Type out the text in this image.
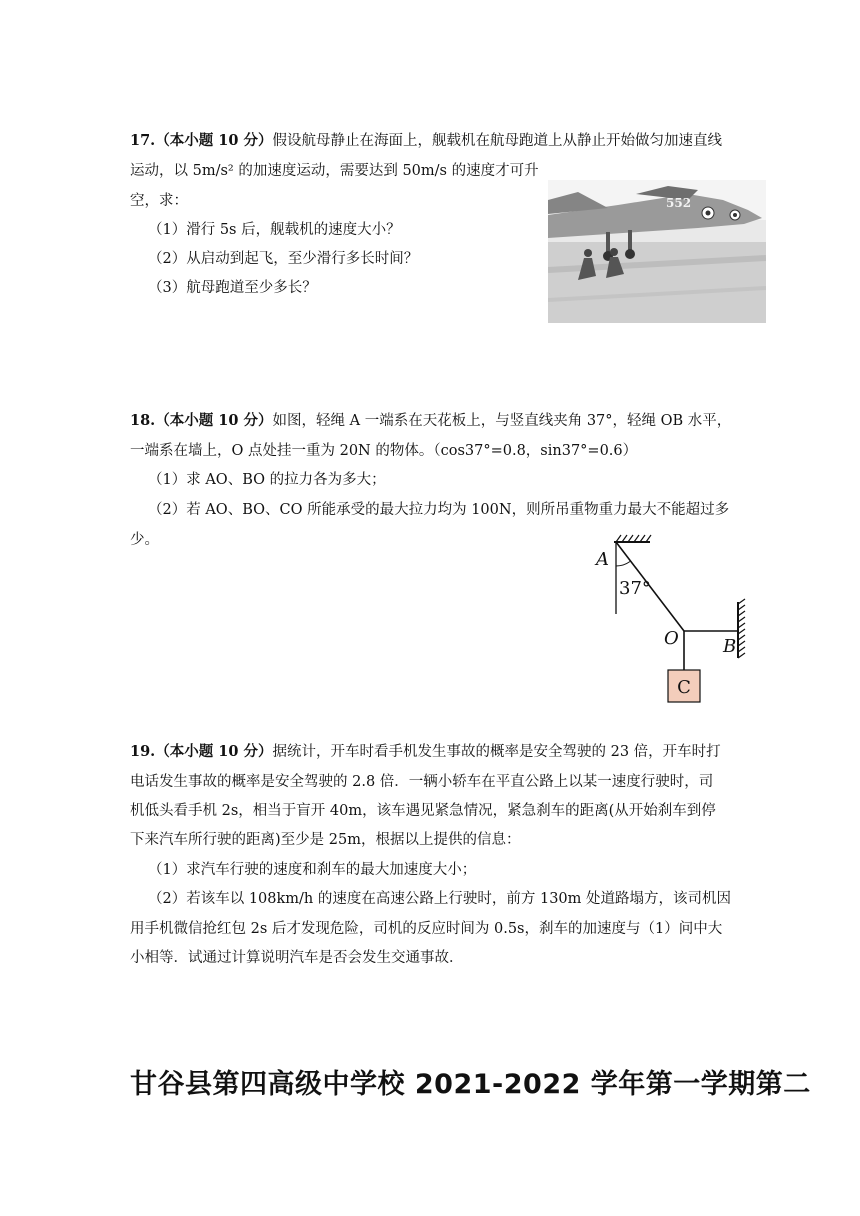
17.（本小题 10 分）假设航母静止在海面上，舰载机在航母跑道上从静止开始做匀加速直线
运动，以 5m/s² 的加速度运动，需要达到 50m/s 的速度才可升
空，求：
（1）滑行 5s 后，舰载机的速度大小？
（2）从启动到起飞，至少滑行多长时间？
（3）航母跑道至少多长？
552
18.（本小题 10 分）如图，轻绳 A 一端系在天花板上，与竖直线夹角 37°，轻绳 OB 水平，
一端系在墙上，O 点处挂一重为 20N 的物体。（cos37°=0.8，sin37°=0.6）
（1）求 AO、BO 的拉力各为多大；
（2）若 AO、BO、CO 所能承受的最大拉力均为 100N，则所吊重物重力最大不能超过多
少。
C
A
37°
O B
19.（本小题 10 分）据统计，开车时看手机发生事故的概率是安全驾驶的 23 倍，开车时打
电话发生事故的概率是安全驾驶的 2.8 倍．一辆小轿车在平直公路上以某一速度行驶时，司
机低头看手机 2s，相当于盲开 40m，该车遇见紧急情况，紧急刹车的距离(从开始刹车到停
下来汽车所行驶的距离)至少是 25m，根据以上提供的信息：
（1）求汽车行驶的速度和刹车的最大加速度大小；
（2）若该车以 108km/h 的速度在高速公路上行驶时，前方 130m 处道路塌方，该司机因
用手机微信抢红包 2s 后才发现危险，司机的反应时间为 0.5s，刹车的加速度与（1）问中大
小相等．试通过计算说明汽车是否会发生交通事故．
甘谷县第四高级中学校 2021-2022 学年第一学期第二
